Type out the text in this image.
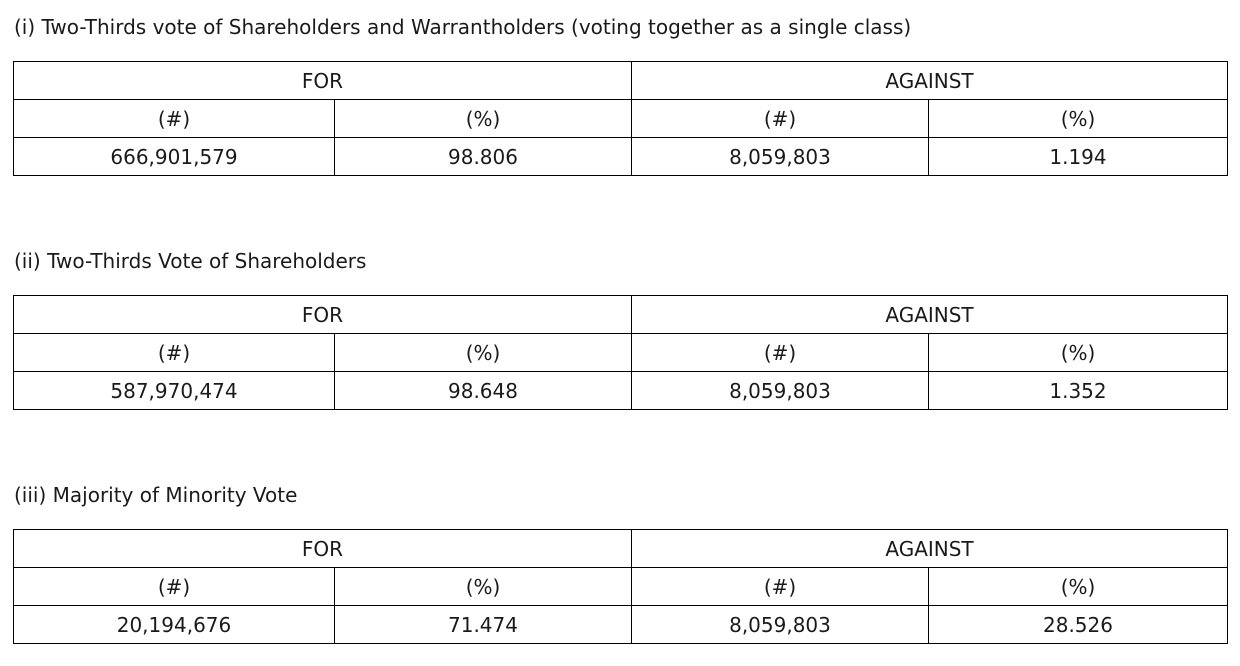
(i) Two-Thirds vote of Shareholders and Warrantholders (voting together as a single class)
FOR		AGAINST	
(#)	(%)	(#)	(%)
666,901,579	98.806	8,059,803	1.194
(ii) Two-Thirds Vote of Shareholders
FOR		AGAINST	
(#)	(%)	(#)	(%)
587,970,474	98.648	8,059,803	1.352
(iii) Majority of Minority Vote
FOR		AGAINST	
(#)	(%)	(#)	(%)
20,194,676	71.474	8,059,803	28.526
